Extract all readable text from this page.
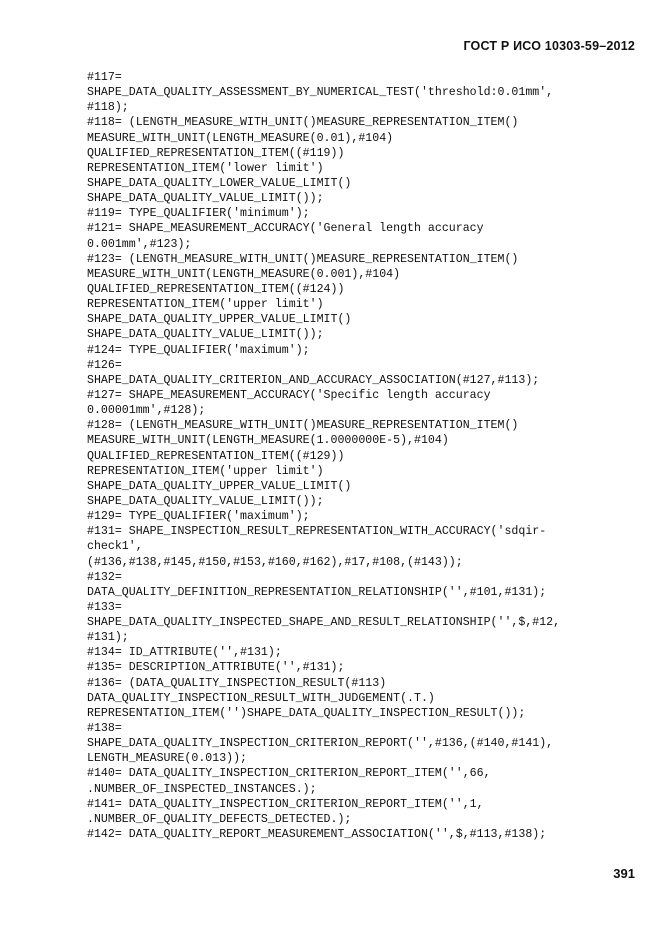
ГОСТ Р ИСО 10303-59–2012
#117=
SHAPE_DATA_QUALITY_ASSESSMENT_BY_NUMERICAL_TEST('threshold:0.01mm',
#118);
#118= (LENGTH_MEASURE_WITH_UNIT()MEASURE_REPRESENTATION_ITEM()
MEASURE_WITH_UNIT(LENGTH_MEASURE(0.01),#104)
QUALIFIED_REPRESENTATION_ITEM((#119))
REPRESENTATION_ITEM('lower limit')
SHAPE_DATA_QUALITY_LOWER_VALUE_LIMIT()
SHAPE_DATA_QUALITY_VALUE_LIMIT());
#119= TYPE_QUALIFIER('minimum');
#121= SHAPE_MEASUREMENT_ACCURACY('General length accuracy
0.001mm',#123);
#123= (LENGTH_MEASURE_WITH_UNIT()MEASURE_REPRESENTATION_ITEM()
MEASURE_WITH_UNIT(LENGTH_MEASURE(0.001),#104)
QUALIFIED_REPRESENTATION_ITEM((#124))
REPRESENTATION_ITEM('upper limit')
SHAPE_DATA_QUALITY_UPPER_VALUE_LIMIT()
SHAPE_DATA_QUALITY_VALUE_LIMIT());
#124= TYPE_QUALIFIER('maximum');
#126=
SHAPE_DATA_QUALITY_CRITERION_AND_ACCURACY_ASSOCIATION(#127,#113);
#127= SHAPE_MEASUREMENT_ACCURACY('Specific length accuracy
0.00001mm',#128);
#128= (LENGTH_MEASURE_WITH_UNIT()MEASURE_REPRESENTATION_ITEM()
MEASURE_WITH_UNIT(LENGTH_MEASURE(1.0000000E-5),#104)
QUALIFIED_REPRESENTATION_ITEM((#129))
REPRESENTATION_ITEM('upper limit')
SHAPE_DATA_QUALITY_UPPER_VALUE_LIMIT()
SHAPE_DATA_QUALITY_VALUE_LIMIT());
#129= TYPE_QUALIFIER('maximum');
#131= SHAPE_INSPECTION_RESULT_REPRESENTATION_WITH_ACCURACY('sdqir-
check1',
(#136,#138,#145,#150,#153,#160,#162),#17,#108,(#143));
#132=
DATA_QUALITY_DEFINITION_REPRESENTATION_RELATIONSHIP('',#101,#131);
#133=
SHAPE_DATA_QUALITY_INSPECTED_SHAPE_AND_RESULT_RELATIONSHIP('',$,#12,
#131);
#134= ID_ATTRIBUTE('',#131);
#135= DESCRIPTION_ATTRIBUTE('',#131);
#136= (DATA_QUALITY_INSPECTION_RESULT(#113)
DATA_QUALITY_INSPECTION_RESULT_WITH_JUDGEMENT(.T.)
REPRESENTATION_ITEM('')SHAPE_DATA_QUALITY_INSPECTION_RESULT());
#138=
SHAPE_DATA_QUALITY_INSPECTION_CRITERION_REPORT('',#136,(#140,#141),
LENGTH_MEASURE(0.013));
#140= DATA_QUALITY_INSPECTION_CRITERION_REPORT_ITEM('',66,
.NUMBER_OF_INSPECTED_INSTANCES.);
#141= DATA_QUALITY_INSPECTION_CRITERION_REPORT_ITEM('',1,
.NUMBER_OF_QUALITY_DEFECTS_DETECTED.);
#142= DATA_QUALITY_REPORT_MEASUREMENT_ASSOCIATION('',$,#113,#138);
391
